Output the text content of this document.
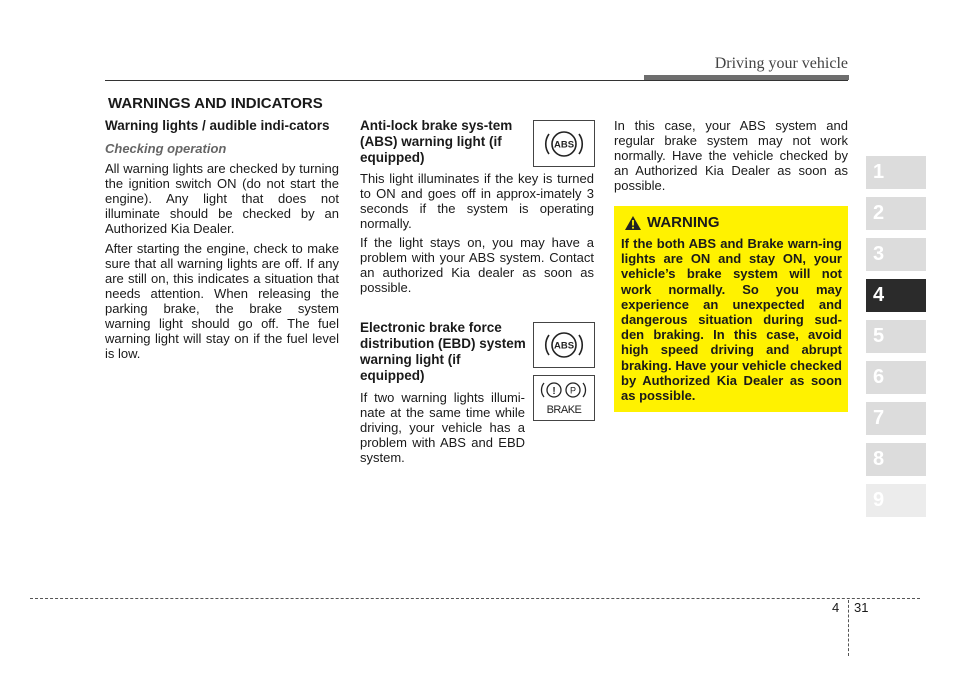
Driving your vehicle
WARNINGS AND INDICATORS
Warning lights / audible indi-cators
Checking operation

All warning lights are checked by turning the ignition switch ON (do not start the engine). Any light that does not illuminate should be checked by an Authorized Kia Dealer.

After starting the engine, check to make sure that all warning lights are off. If any are still on, this indicates a situation that needs attention. When releasing the parking brake, the brake system warning light should go off. The fuel warning light will stay on if the fuel level is low.

Anti-lock brake sys-tem (ABS) warning light (if equipped)
ABS

This light illuminates if the key is turned to ON and goes off in approx-imately 3 seconds if the system is operating normally.

If the light stays on, you may have a problem with your ABS system. Contact an authorized Kia dealer as soon as possible.

Electronic brake force distribution (EBD) system warning light (if equipped)
ABS
! P
BRAKE

If two warning lights illumi-nate at the same time while driving, your vehicle has a problem with ABS and EBD system.

In this case, your ABS system and regular brake system may not work normally. Have the vehicle checked by an Authorized Kia Dealer as soon as possible.

WARNING
If the both ABS and Brake warn-ing lights are ON and stay ON, your vehicle’s brake system will not work normally. So you may experience an unexpected and dangerous situation during sud-den braking. In this case, avoid high speed driving and abrupt braking. Have your vehicle checked by Authorized Kia Dealer as soon as possible.
1
2
3
4
5
6
7
8
9
4 31
